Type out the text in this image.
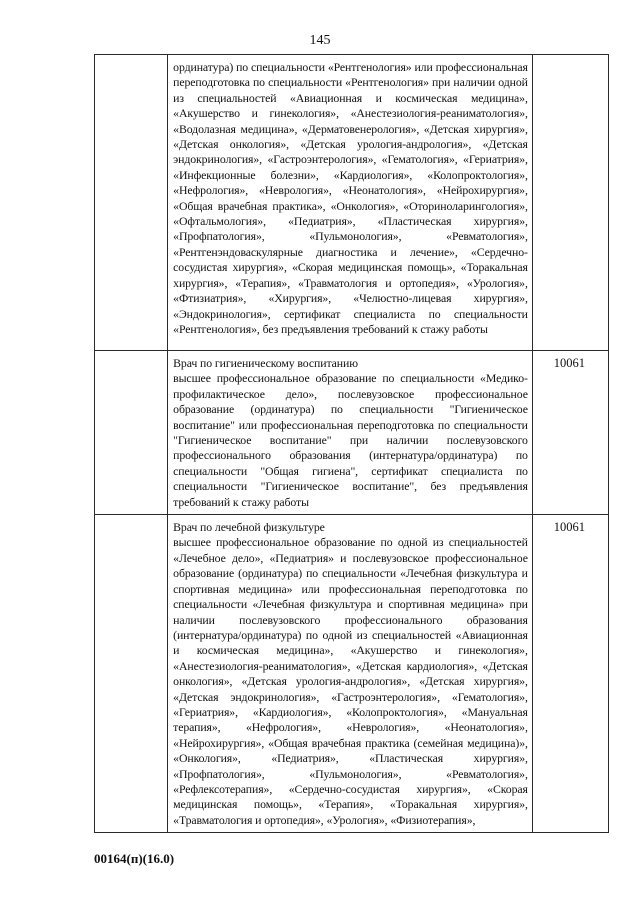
145

	ординатура) по специальности «Рентгенология» или профессиональная переподготовка по специальности «Рентгенология» при наличии одной из специальностей «Авиационная и космическая медицина», «Акушерство и гинекология», «Анестезиология-реаниматология», «Водолазная медицина», «Дерматовенерология», «Детская хирургия», «Детская онкология», «Детская урология-андрология», «Детская эндокринология», «Гастроэнтерология», «Гематология», «Гериатрия», «Инфекционные болезни», «Кардиология», «Колопроктология», «Нефрология», «Неврология», «Неонатология», «Нейрохирургия», «Общая врачебная практика», «Онкология», «Оториноларингология», «Офтальмология», «Педиатрия», «Пластическая хирургия», «Профпатология», «Пульмонология», «Ревматология», «Рентгенэндоваскулярные диагностика и лечение», «Сердечно-сосудистая хирургия», «Скорая медицинская помощь», «Торакальная хирургия», «Терапия», «Травматология и ортопедия», «Урология», «Фтизиатрия», «Хирургия», «Челюстно-лицевая хирургия», «Эндокринология», сертификат специалиста по специальности «Рентгенология», без предъявления требований к стажу работы	

	Врач по гигиеническому воспитанию
высшее профессиональное образование по специальности «Медико-профилактическое дело», послевузовское профессиональное образование (ординатура) по специальности "Гигиеническое воспитание" или профессиональная переподготовка по специальности "Гигиеническое воспитание" при наличии послевузовского профессионального образования (интернатура/ординатура) по специальности "Общая гигиена", сертификат специалиста по специальности "Гигиеническое воспитание", без предъявления требований к стажу работы	10061

	Врач по лечебной физкультуре
высшее профессиональное образование по одной из специальностей «Лечебное дело», «Педиатрия» и послевузовское профессиональное образование (ординатура) по специальности «Лечебная физкультура и спортивная медицина» или профессиональная переподготовка по специальности «Лечебная физкультура и спортивная медицина» при наличии послевузовского профессионального образования (интернатура/ординатура) по одной из специальностей «Авиационная и космическая медицина», «Акушерство и гинекология», «Анестезиология-реаниматология», «Детская кардиология», «Детская онкология», «Детская урология-андрология», «Детская хирургия», «Детская эндокринология», «Гастроэнтерология», «Гематология», «Гериатрия», «Кардиология», «Колопроктология», «Мануальная терапия», «Нефрология», «Неврология», «Неонатология», «Нейрохирургия», «Общая врачебная практика (семейная медицина)», «Онкология», «Педиатрия», «Пластическая хирургия», «Профпатология», «Пульмонология», «Ревматология», «Рефлексотерапия», «Сердечно-сосудистая хирургия», «Скорая медицинская помощь», «Терапия», «Торакальная хирургия», «Травматология и ортопедия», «Урология», «Физиотерапия»,	10061
00164(п)(16.0)
